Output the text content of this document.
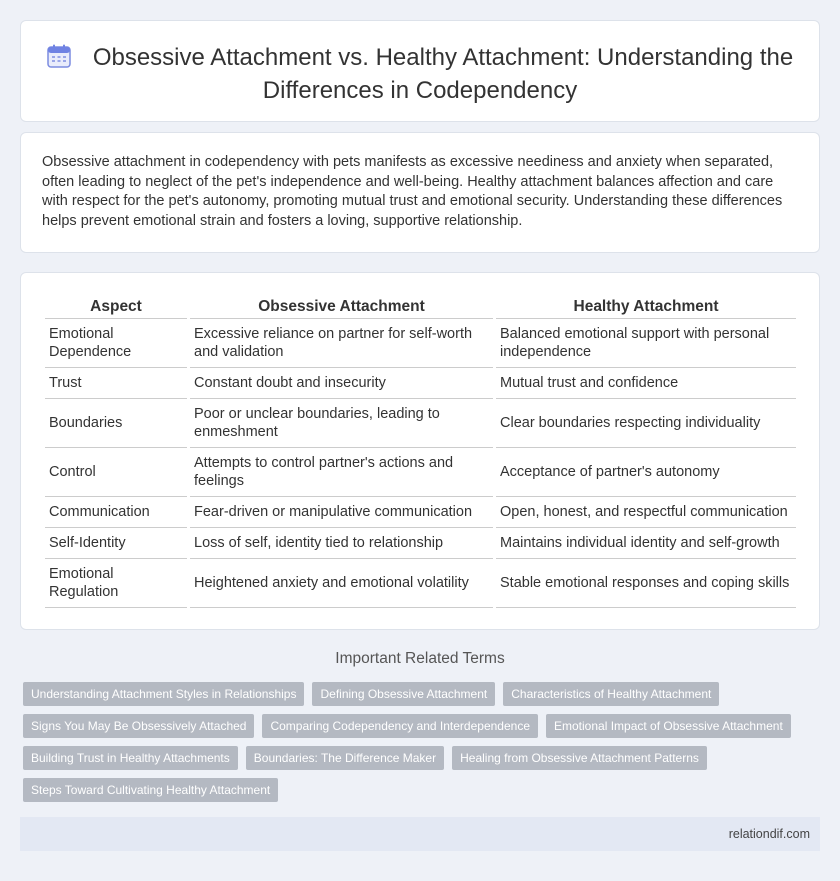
Obsessive Attachment vs. Healthy Attachment: Understanding the Differences in Codependency

Obsessive attachment in codependency with pets manifests as excessive neediness and anxiety when separated, often leading to neglect of the pet's independence and well-being. Healthy attachment balances affection and care with respect for the pet's autonomy, promoting mutual trust and emotional security. Understanding these differences helps prevent emotional strain and fosters a loving, supportive relationship.

Aspect	Obsessive Attachment	Healthy Attachment
Emotional Dependence	Excessive reliance on partner for self-worth and validation	Balanced emotional support with personal independence
Trust	Constant doubt and insecurity	Mutual trust and confidence
Boundaries	Poor or unclear boundaries, leading to enmeshment	Clear boundaries respecting individuality
Control	Attempts to control partner's actions and feelings	Acceptance of partner's autonomy
Communication	Fear-driven or manipulative communication	Open, honest, and respectful communication
Self-Identity	Loss of self, identity tied to relationship	Maintains individual identity and self-growth
Emotional Regulation	Heightened anxiety and emotional volatility	Stable emotional responses and coping skills
Important Related Terms
Understanding Attachment Styles in Relationships	Defining Obsessive Attachment	Characteristics of Healthy Attachment
Signs You May Be Obsessively Attached	Comparing Codependency and Interdependence	Emotional Impact of Obsessive Attachment
Building Trust in Healthy Attachments	Boundaries: The Difference Maker	Healing from Obsessive Attachment Patterns
Steps Toward Cultivating Healthy Attachment
relationdif.com
